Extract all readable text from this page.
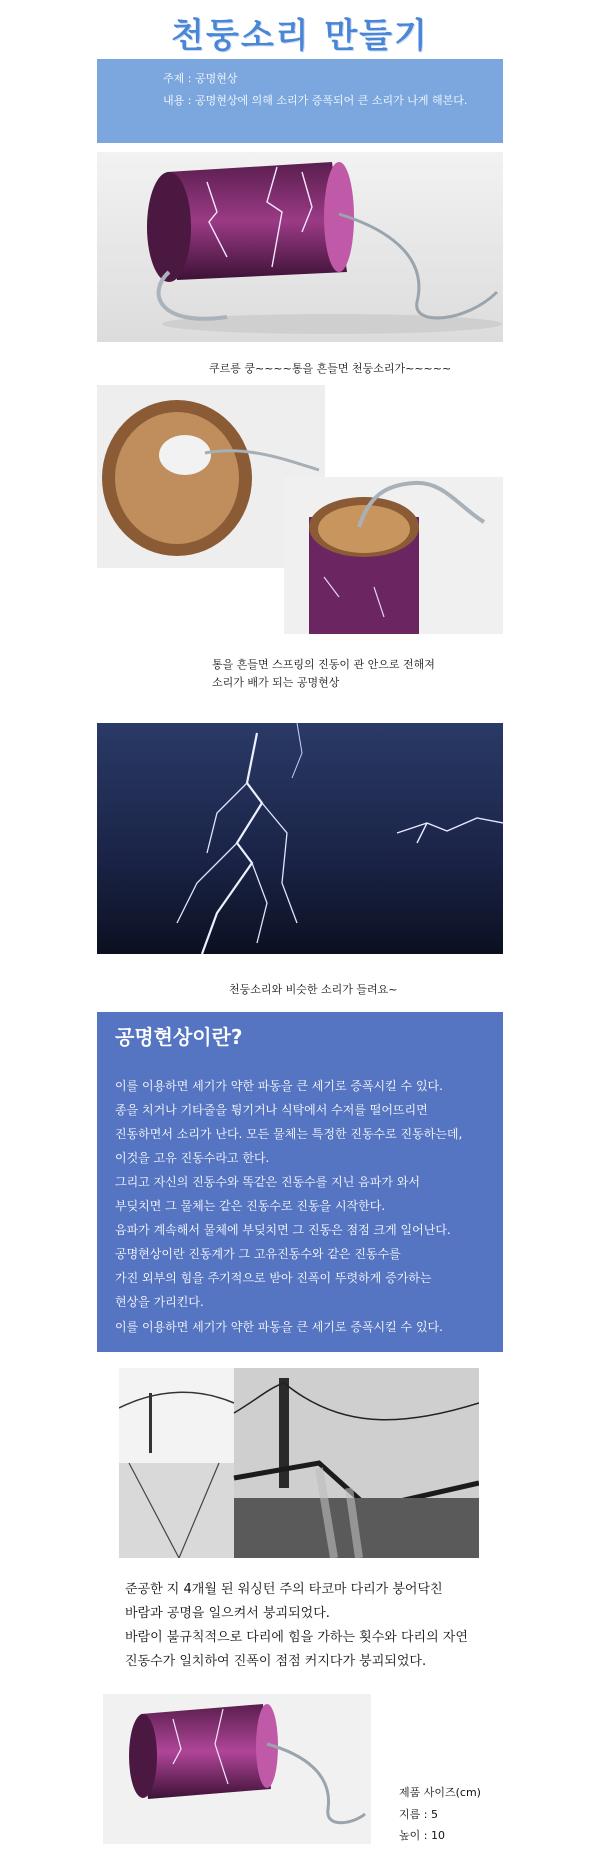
천둥소리 만들기
주제 : 공명현상
내용 : 공명현상에 의해 소리가 증폭되어 큰 소리가 나게 해본다.
쿠르릉 쿵~~~~통을 흔들면 천둥소리가~~~~~
통을 흔들면 스프링의 진동이 관 안으로 전해져
소리가 배가 되는 공명현상
천둥소리와 비슷한 소리가 들려요~
공명현상이란?
이를 이용하면 세기가 약한 파동을 큰 세기로 증폭시킬 수 있다.
종을 치거나 기타줄을 튕기거나 식탁에서 수저를 떨어뜨리면
진동하면서 소리가 난다. 모든 물체는 특정한 진동수로 진동하는데,
이것을 고유 진동수라고 한다.
그리고 자신의 진동수와 똑같은 진동수를 지닌 음파가 와서
부딪치면 그 물체는 같은 진동수로 진동을 시작한다.
음파가 계속해서 물체에 부딪치면 그 진동은 점점 크게 일어난다.
공명현상이란 진동계가 그 고유진동수와 같은 진동수를
가진 외부의 힘을 주기적으로 받아 진폭이 뚜렷하게 증가하는
현상을 가리킨다.
이를 이용하면 세기가 약한 파동을 큰 세기로 증폭시킬 수 있다.
준공한 지 4개월 된 워싱턴 주의 타코마 다리가 붕어닥친
바람과 공명을 일으켜서 붕괴되었다.
바람이 불규칙적으로 다리에 힘을 가하는 횟수와 다리의 자연
진동수가 일치하여 진폭이 점점 커지다가 붕괴되었다.
제품 사이즈(cm)
지름 : 5
높이 : 10
